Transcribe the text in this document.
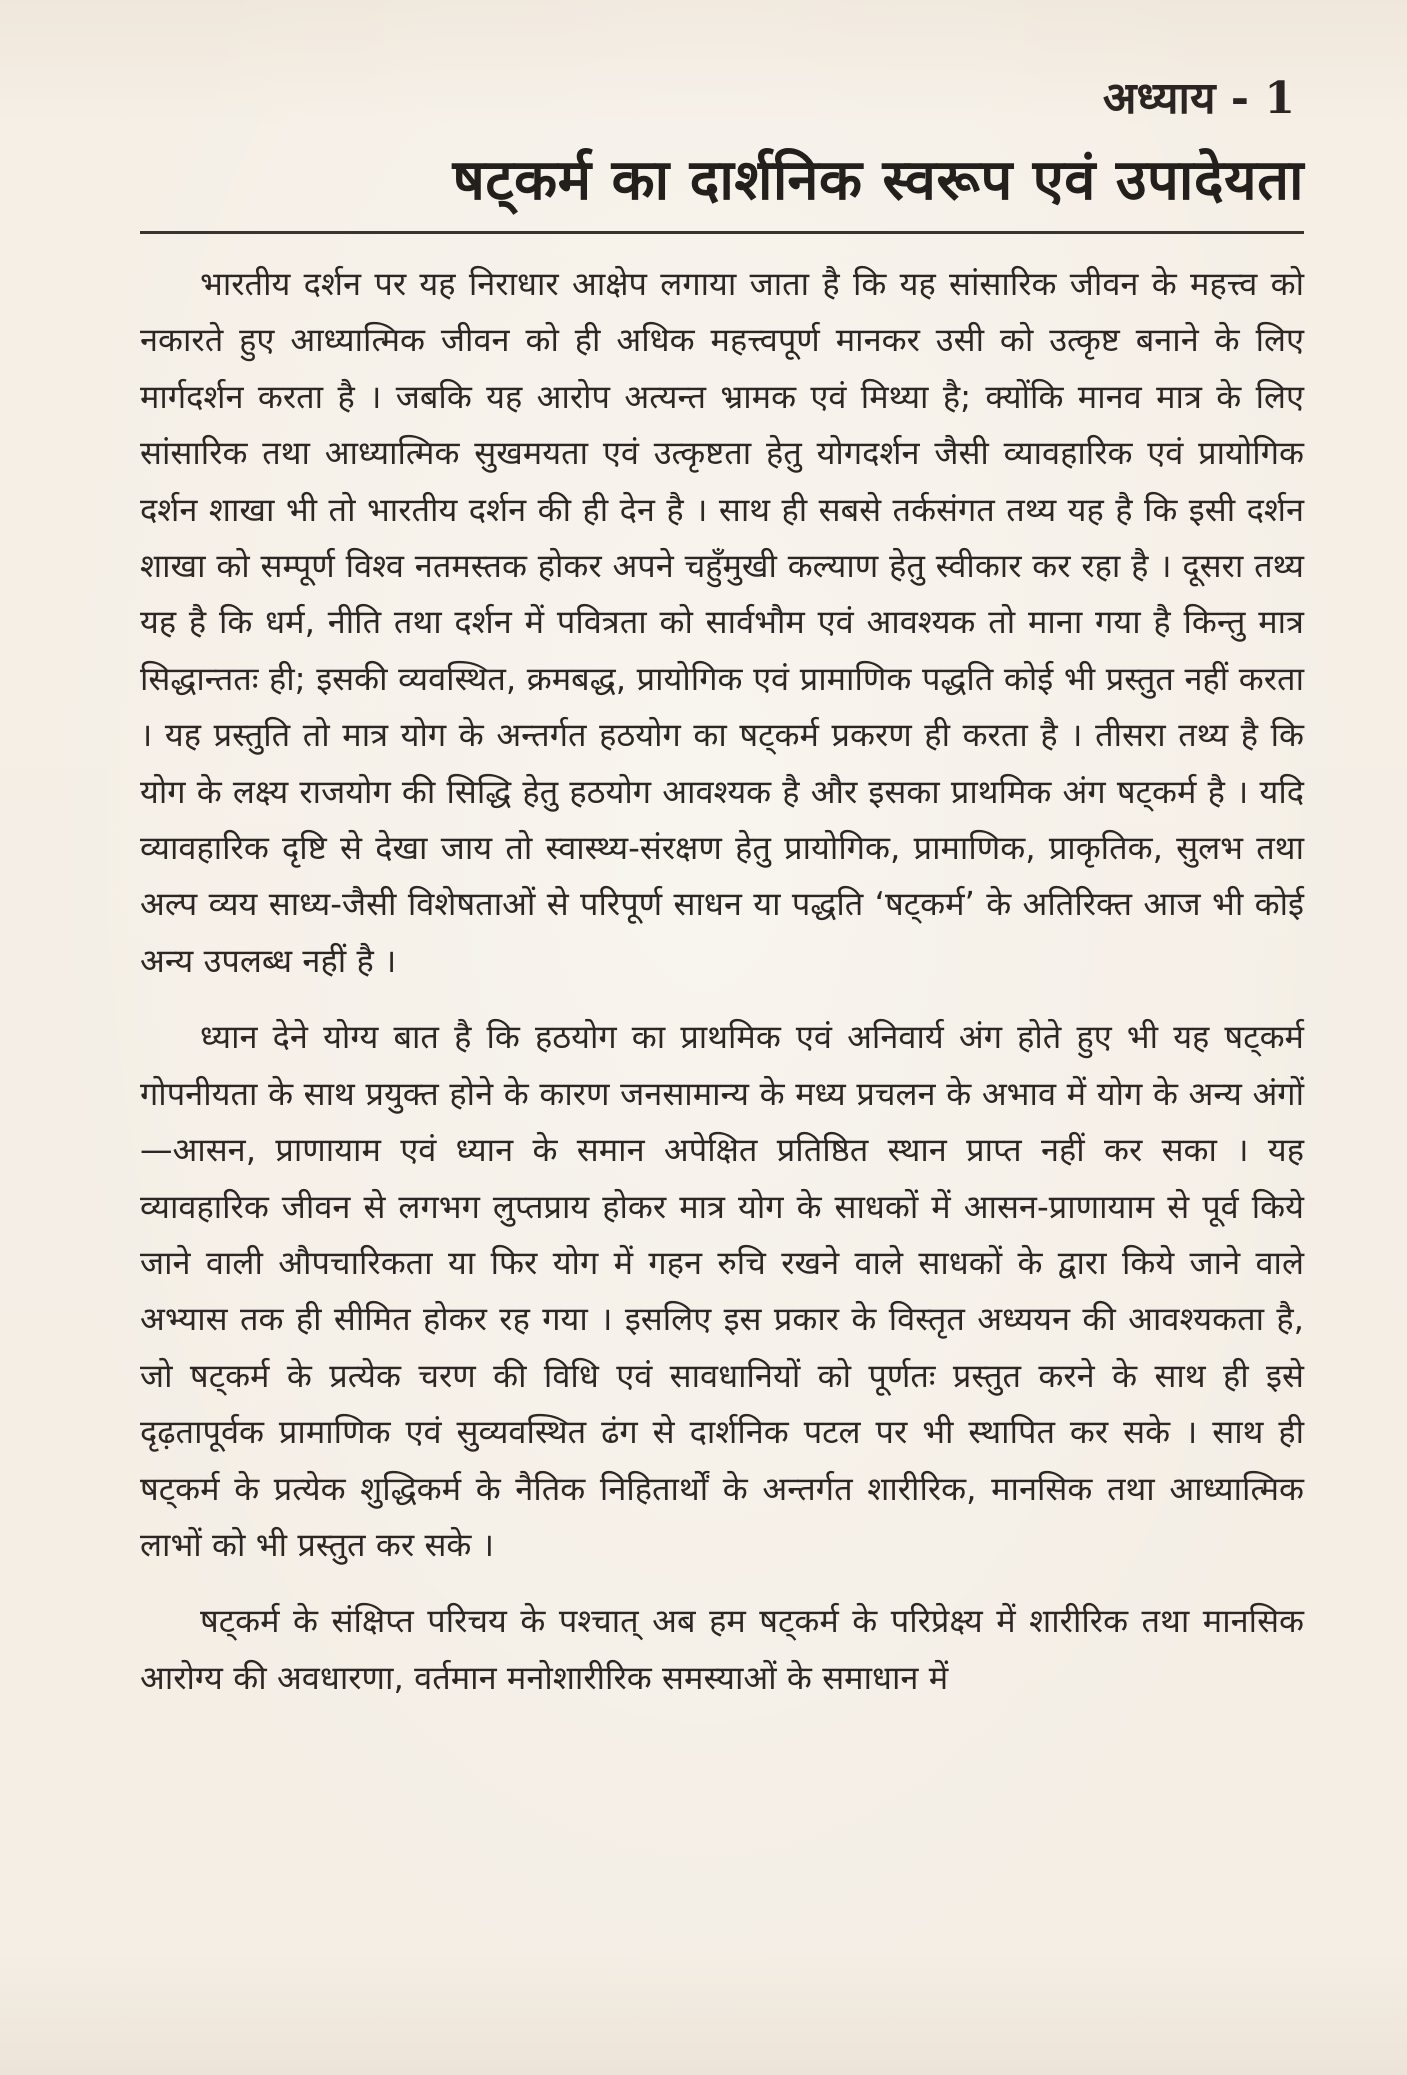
अध्याय - 1
षट्कर्म का दार्शनिक स्वरूप एवं उपादेयता

भारतीय दर्शन पर यह निराधार आक्षेप लगाया जाता है कि यह सांसारिक जीवन के महत्त्व को नकारते हुए आध्यात्मिक जीवन को ही अधिक महत्त्वपूर्ण मानकर उसी को उत्कृष्ट बनाने के लिए मार्गदर्शन करता है । जबकि यह आरोप अत्यन्त भ्रामक एवं मिथ्या है; क्योंकि मानव मात्र के लिए सांसारिक तथा आध्यात्मिक सुखमयता एवं उत्कृष्टता हेतु योगदर्शन जैसी व्यावहारिक एवं प्रायोगिक दर्शन शाखा भी तो भारतीय दर्शन की ही देन है । साथ ही सबसे तर्कसंगत तथ्य यह है कि इसी दर्शन शाखा को सम्पूर्ण विश्व नतमस्तक होकर अपने चहुँमुखी कल्याण हेतु स्वीकार कर रहा है । दूसरा तथ्य यह है कि धर्म, नीति तथा दर्शन में पवित्रता को सार्वभौम एवं आवश्यक तो माना गया है किन्तु मात्र सिद्धान्ततः ही; इसकी व्यवस्थित, क्रमबद्ध, प्रायोगिक एवं प्रामाणिक पद्धति कोई भी प्रस्तुत नहीं करता । यह प्रस्तुति तो मात्र योग के अन्तर्गत हठयोग का षट्कर्म प्रकरण ही करता है । तीसरा तथ्य है कि योग के लक्ष्य राजयोग की सिद्धि हेतु हठयोग आवश्यक है और इसका प्राथमिक अंग षट्कर्म है । यदि व्यावहारिक दृष्टि से देखा जाय तो स्वास्थ्य-संरक्षण हेतु प्रायोगिक, प्रामाणिक, प्राकृतिक, सुलभ तथा अल्प व्यय साध्य-जैसी विशेषताओं से परिपूर्ण साधन या पद्धति ‘षट्कर्म’ के अतिरिक्त आज भी कोई अन्य उपलब्ध नहीं है ।

ध्यान देने योग्य बात है कि हठयोग का प्राथमिक एवं अनिवार्य अंग होते हुए भी यह षट्कर्म गोपनीयता के साथ प्रयुक्त होने के कारण जनसामान्य के मध्य प्रचलन के अभाव में योग के अन्य अंगों—आसन, प्राणायाम एवं ध्यान के समान अपेक्षित प्रतिष्ठित स्थान प्राप्त नहीं कर सका । यह व्यावहारिक जीवन से लगभग लुप्तप्राय होकर मात्र योग के साधकों में आसन-प्राणायाम से पूर्व किये जाने वाली औपचारिकता या फिर योग में गहन रुचि रखने वाले साधकों के द्वारा किये जाने वाले अभ्यास तक ही सीमित होकर रह गया । इसलिए इस प्रकार के विस्तृत अध्ययन की आवश्यकता है, जो षट्कर्म के प्रत्येक चरण की विधि एवं सावधानियों को पूर्णतः प्रस्तुत करने के साथ ही इसे दृढ़तापूर्वक प्रामाणिक एवं सुव्यवस्थित ढंग से दार्शनिक पटल पर भी स्थापित कर सके । साथ ही षट्कर्म के प्रत्येक शुद्धिकर्म के नैतिक निहितार्थों के अन्तर्गत शारीरिक, मानसिक तथा आध्यात्मिक लाभों को भी प्रस्तुत कर सके ।

षट्कर्म के संक्षिप्त परिचय के पश्चात् अब हम षट्कर्म के परिप्रेक्ष्य में शारीरिक तथा मानसिक आरोग्य की अवधारणा, वर्तमान मनोशारीरिक समस्याओं के समाधान में
